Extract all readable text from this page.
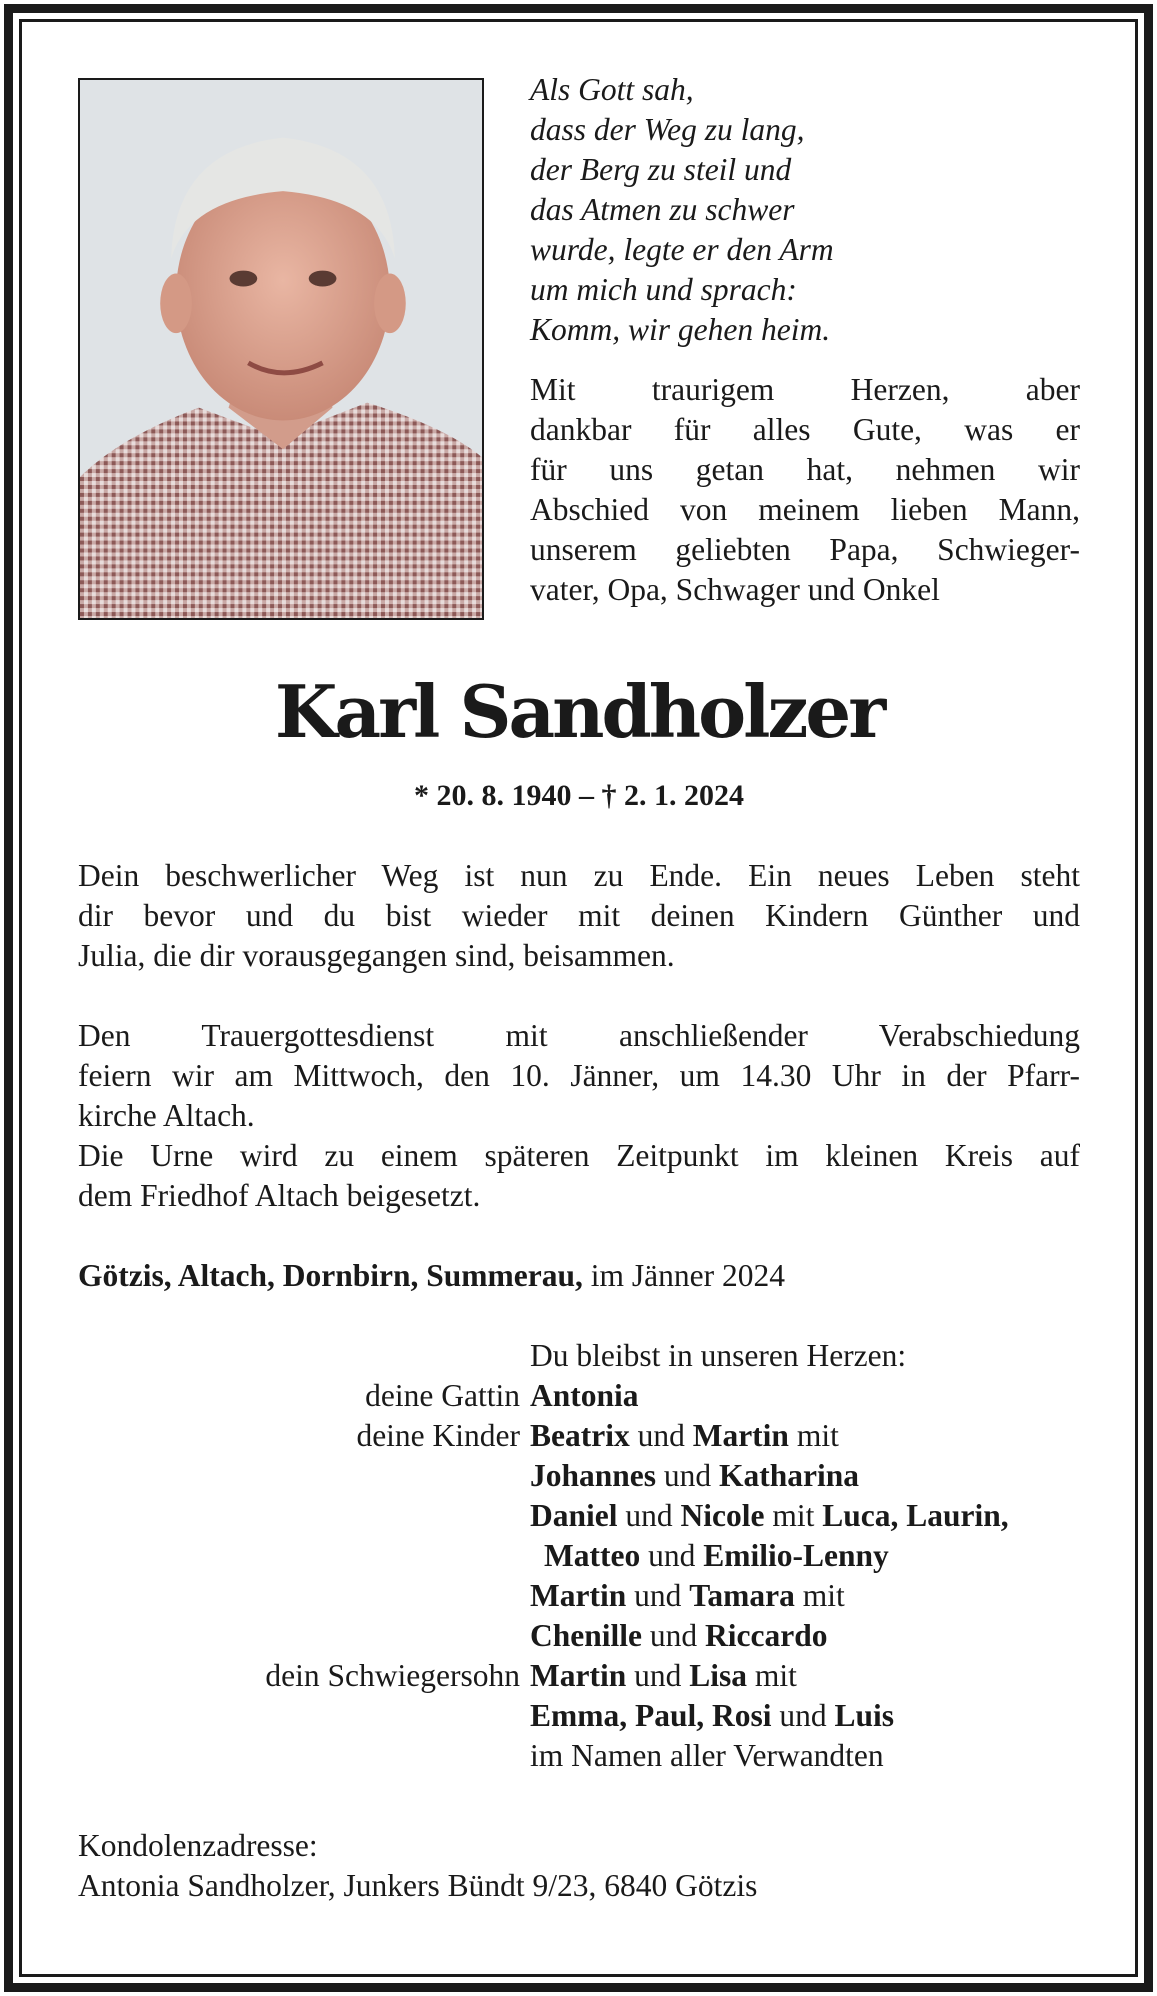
Als Gott sah,
dass der Weg zu lang,
der Berg zu steil und
das Atmen zu schwer
wurde, legte er den Arm
um mich und sprach:
Komm, wir gehen heim.
Mit traurigem Herzen, aber
dankbar für alles Gute, was er
für uns getan hat, nehmen wir
Abschied von meinem lieben Mann,
unserem geliebten Papa, Schwieger-
vater, Opa, Schwager und Onkel
Karl Sandholzer
* 20. 8. 1940 – † 2. 1. 2024
Dein beschwerlicher Weg ist nun zu Ende. Ein neues Leben steht
dir bevor und du bist wieder mit deinen Kindern Günther und
Julia, die dir vorausgegangen sind, beisammen.
Den Trauergottesdienst mit anschließender Verabschiedung
feiern wir am Mittwoch, den 10. Jänner, um 14.30 Uhr in der Pfarr-
kirche Altach.
Die Urne wird zu einem späteren Zeitpunkt im kleinen Kreis auf
dem Friedhof Altach beigesetzt.
Götzis, Altach, Dornbirn, Summerau, im Jänner 2024
Du bleibst in unseren Herzen:
deine Gattin Antonia
deine Kinder Beatrix und Martin mit
Johannes und Katharina
Daniel und Nicole mit Luca, Laurin,
Matteo und Emilio-Lenny
Martin und Tamara mit
Chenille und Riccardo
dein Schwiegersohn Martin und Lisa mit
Emma, Paul, Rosi und Luis
im Namen aller Verwandten
Kondolenzadresse:
Antonia Sandholzer, Junkers Bündt 9/23, 6840 Götzis
